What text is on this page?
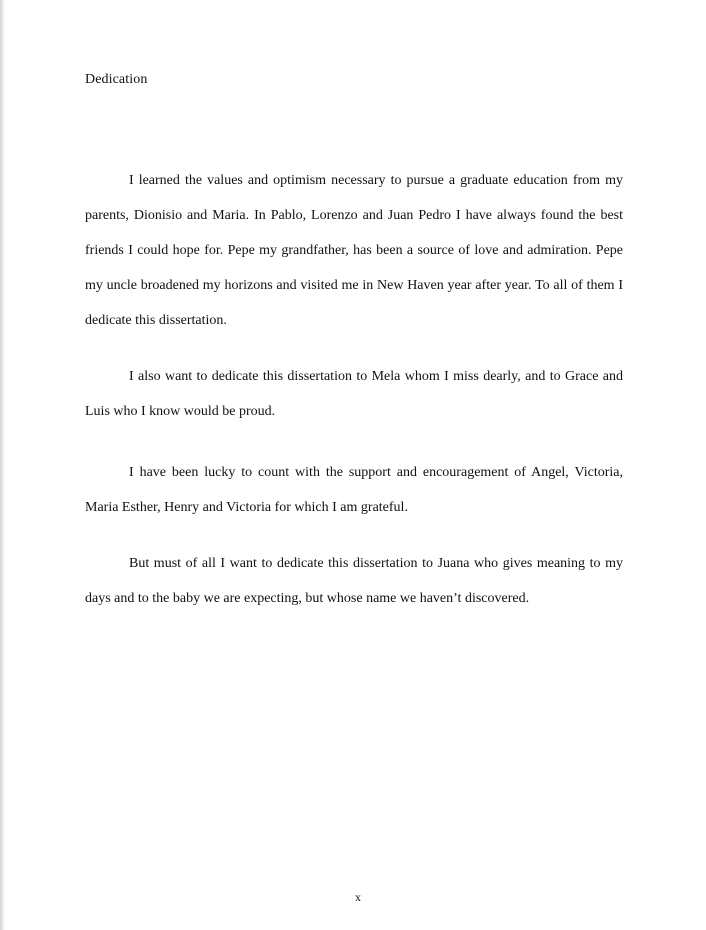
Dedication

I learned the values and optimism necessary to pursue a graduate education from my parents, Dionisio and Maria. In Pablo, Lorenzo and Juan Pedro I have always found the best friends I could hope for. Pepe my grandfather, has been a source of love and admiration. Pepe my uncle broadened my horizons and visited me in New Haven year after year. To all of them I dedicate this dissertation.

I also want to dedicate this dissertation to Mela whom I miss dearly, and to Grace and Luis who I know would be proud.

I have been lucky to count with the support and encouragement of Angel, Victoria, Maria Esther, Henry and Victoria for which I am grateful.

But must of all I want to dedicate this dissertation to Juana who gives meaning to my days and to the baby we are expecting, but whose name we haven’t discovered.

x
